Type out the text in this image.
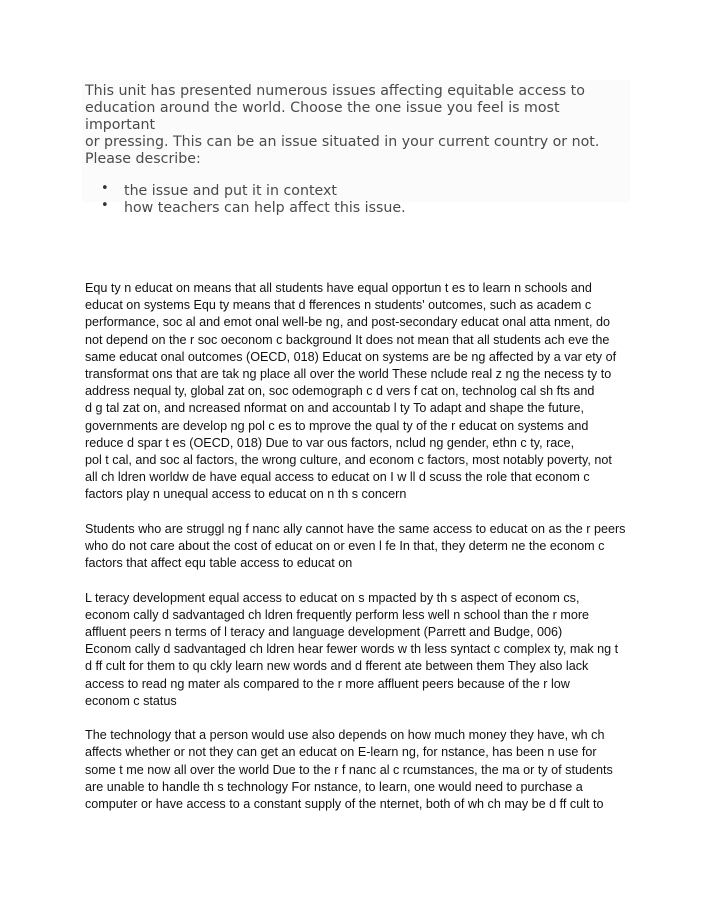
This unit has presented numerous issues affecting equitable access to
education around the world. Choose the one issue you feel is most important
or pressing. This can be an issue situated in your current country or not.
Please describe:

• the issue and put it in context
• how teachers can help affect this issue.

Equ ty n educat on means that all students have equal opportun t es to learn n schools and
educat on systems Equ ty means that d fferences n students' outcomes, such as academ c
performance, soc al and emot onal well-be ng, and post-secondary educat onal atta nment, do
not depend on the r soc oeconom c background It does not mean that all students ach eve the
same educat onal outcomes (OECD, 018) Educat on systems are be ng affected by a var ety of
transformat ons that are tak ng place all over the world These nclude real z ng the necess ty to
address nequal ty, global zat on, soc odemograph c d vers f cat on, technolog cal sh fts and
d g tal zat on, and ncreased nformat on and accountab l ty To adapt and shape the future,
governments are develop ng pol c es to mprove the qual ty of the r educat on systems and
reduce d spar t es (OECD, 018) Due to var ous factors, nclud ng gender, ethn c ty, race,
pol t cal, and soc al factors, the wrong culture, and econom c factors, most notably poverty, not
all ch ldren worldw de have equal access to educat on I w ll d scuss the role that econom c
factors play n unequal access to educat on n th s concern

Students who are struggl ng f nanc ally cannot have the same access to educat on as the r peers
who do not care about the cost of educat on or even l fe In that, they determ ne the econom c
factors that affect equ table access to educat on

L teracy development equal access to educat on s mpacted by th s aspect of econom cs,
econom cally d sadvantaged ch ldren frequently perform less well n school than the r more
affluent peers n terms of l teracy and language development (Parrett and Budge, 006)
Econom cally d sadvantaged ch ldren hear fewer words w th less syntact c complex ty, mak ng t
d ff cult for them to qu ckly learn new words and d fferent ate between them They also lack
access to read ng mater als compared to the r more affluent peers because of the r low
econom c status

The technology that a person would use also depends on how much money they have, wh ch
affects whether or not they can get an educat on E-learn ng, for nstance, has been n use for
some t me now all over the world Due to the r f nanc al c rcumstances, the ma or ty of students
are unable to handle th s technology For nstance, to learn, one would need to purchase a
computer or have access to a constant supply of the nternet, both of wh ch may be d ff cult to
